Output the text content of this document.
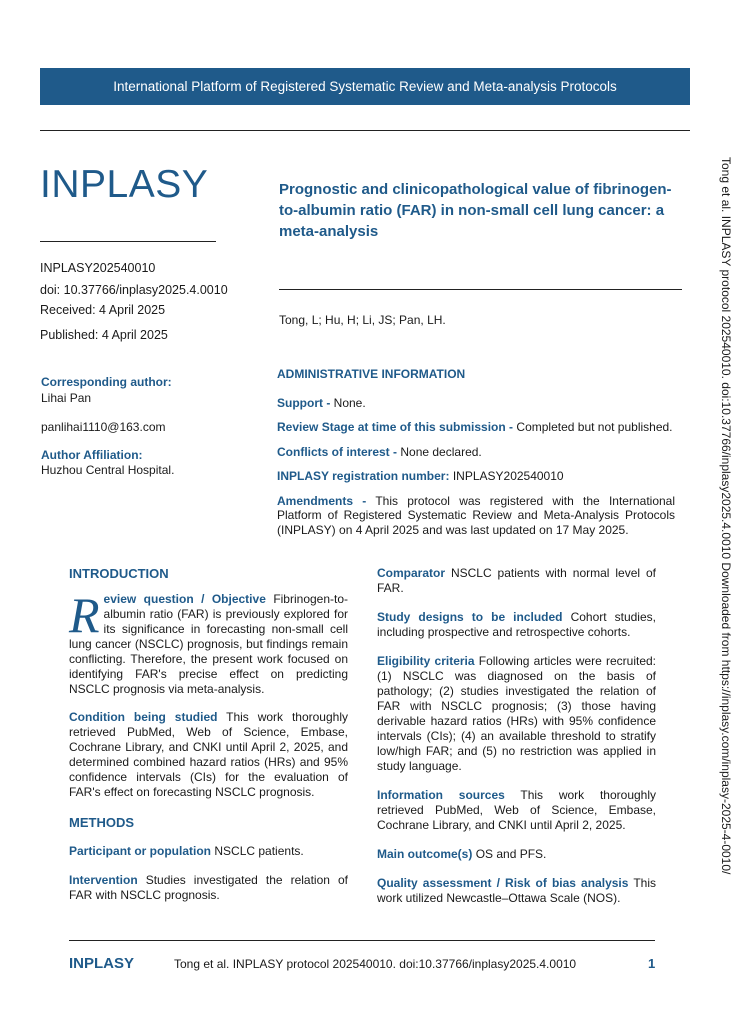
International Platform of Registered Systematic Review and Meta-analysis Protocols
INPLASY
INPLASY202540010
doi: 10.37766/inplasy2025.4.0010
Received: 4 April 2025
Published: 4 April 2025
Prognostic and clinicopathological value of fibrinogen-to-albumin ratio (FAR) in non-small cell lung cancer: a meta-analysis
Tong, L; Hu, H; Li, JS; Pan, LH.
Corresponding author:
Lihai Pan
panlihai1110@163.com
Author Affiliation:
Huzhou Central Hospital.

ADMINISTRATIVE INFORMATION

Support - None.

Review Stage at time of this submission - Completed but not published.

Conflicts of interest - None declared.

INPLASY registration number: INPLASY202540010

Amendments - This protocol was registered with the International Platform of Registered Systematic Review and Meta-Analysis Protocols (INPLASY) on 4 April 2025 and was last updated on 17 May 2025.

INTRODUCTION

Review question / Objective Fibrinogen-to-albumin ratio (FAR) is previously explored for its significance in forecasting non-small cell lung cancer (NSCLC) prognosis, but findings remain conflicting. Therefore, the present work focused on identifying FAR's precise effect on predicting NSCLC prognosis via meta-analysis.

Condition being studied This work thoroughly retrieved PubMed, Web of Science, Embase, Cochrane Library, and CNKI until April 2, 2025, and determined combined hazard ratios (HRs) and 95% confidence intervals (CIs) for the evaluation of FAR's effect on forecasting NSCLC prognosis.

METHODS

Participant or population NSCLC patients.

Intervention Studies investigated the relation of FAR with NSCLC prognosis.

Comparator NSCLC patients with normal level of FAR.

Study designs to be included Cohort studies, including prospective and retrospective cohorts.

Eligibility criteria Following articles were recruited: (1) NSCLC was diagnosed on the basis of pathology; (2) studies investigated the relation of FAR with NSCLC prognosis; (3) those having derivable hazard ratios (HRs) with 95% confidence intervals (CIs); (4) an available threshold to stratify low/high FAR; and (5) no restriction was applied in study language.

Information sources This work thoroughly retrieved PubMed, Web of Science, Embase, Cochrane Library, and CNKI until April 2, 2025.

Main outcome(s) OS and PFS.

Quality assessment / Risk of bias analysis This work utilized Newcastle–Ottawa Scale (NOS).

Tong et al. INPLASY protocol 202540010. doi:10.37766/inplasy2025.4.0010 Downloaded from https://inplasy.com/inplasy-2025-4-0010/
INPLASY	Tong et al. INPLASY protocol 202540010. doi:10.37766/inplasy2025.4.0010	1
